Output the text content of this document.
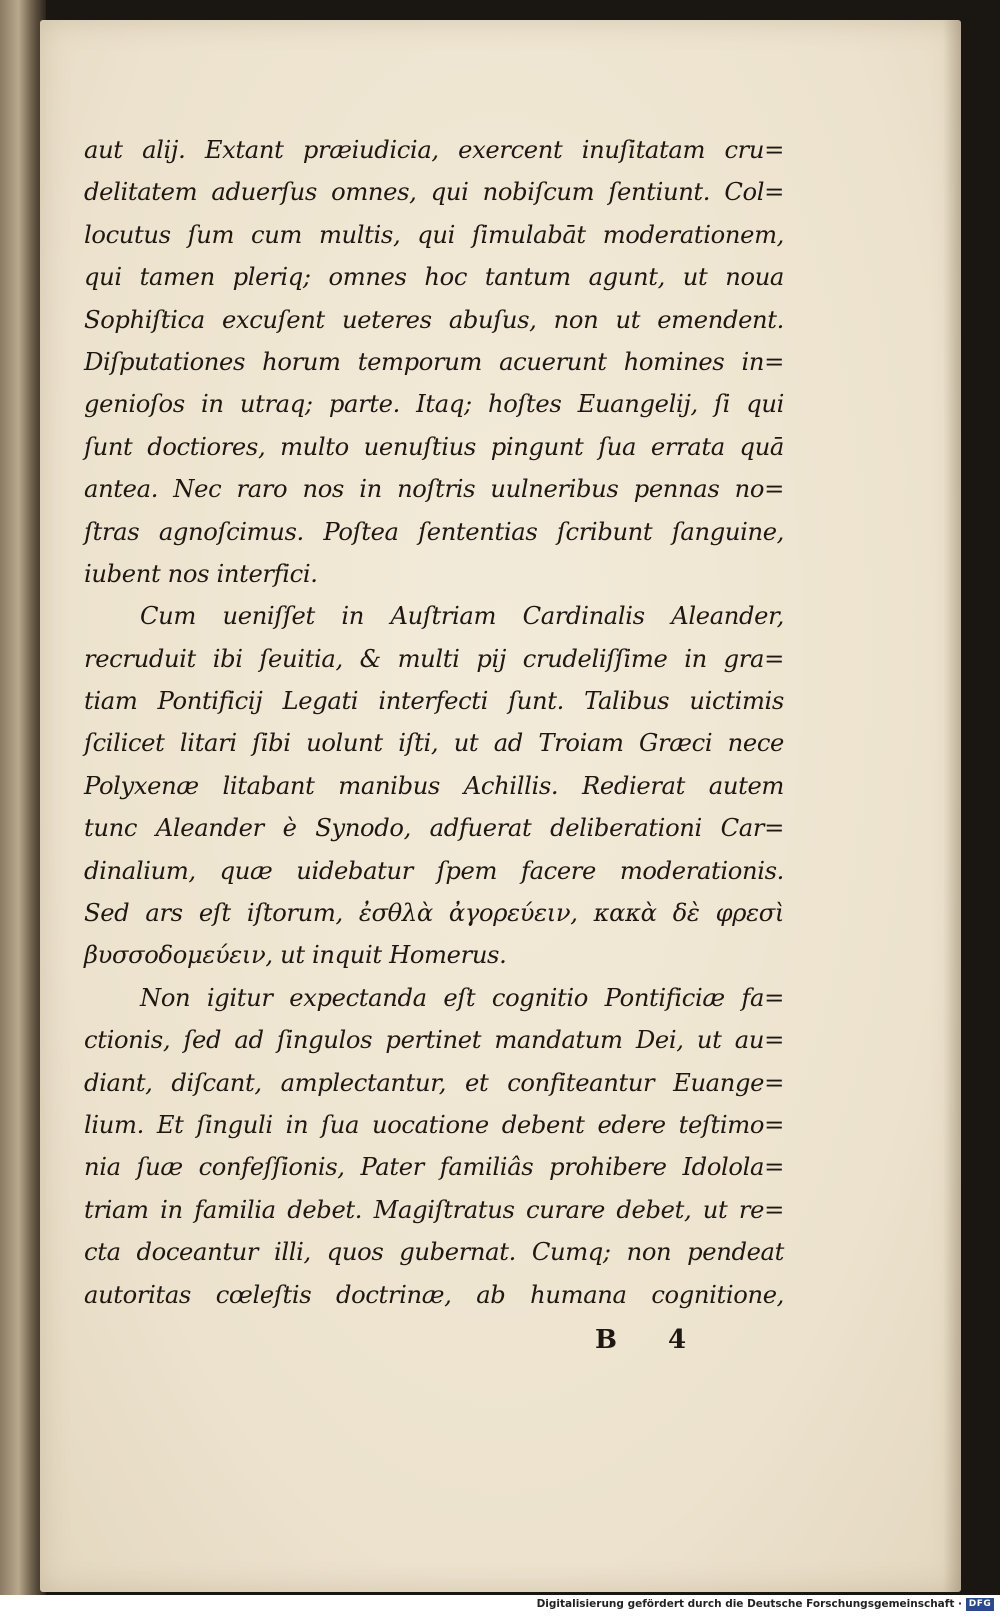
aut alij. Extant præiudicia, exercent inuſitatam cru=
delitatem aduerſus omnes, qui nobiſcum ſentiunt. Col=
locutus ſum cum multis, qui ſimulabāt moderationem,
qui tamen pleriq; omnes hoc tantum agunt, ut noua
Sophiſtica excuſent ueteres abuſus, non ut emendent.
Diſputationes horum temporum acuerunt homines in=
genioſos in utraq; parte. Itaq; hoſtes Euangelij, ſi qui
ſunt doctiores, multo uenuſtius pingunt ſua errata quā
antea. Nec raro nos in noſtris uulneribus pennas no=
ſtras agnoſcimus. Poſtea ſententias ſcribunt ſanguine,
iubent nos interfici.
Cum ueniſſet in Auſtriam Cardinalis Aleander,
recruduit ibi ſeuitia, & multi pij crudeliſſime in gra=
tiam Pontificij Legati interfecti ſunt. Talibus uictimis
ſcilicet litari ſibi uolunt iſti, ut ad Troiam Græci nece
Polyxenæ litabant manibus Achillis. Redierat autem
tunc Aleander è Synodo, adfuerat deliberationi Car=
dinalium, quæ uidebatur ſpem facere moderationis.
Sed ars eſt iſtorum, ἐσθλὰ ἀγορεύειν, κακὰ δὲ φρεσὶ
βυσσοδομεύειν, ut inquit Homerus.
Non igitur expectanda eſt cognitio Pontificiæ fa=
ctionis, ſed ad ſingulos pertinet mandatum Dei, ut au=
diant, diſcant, amplectantur, et confiteantur Euange=
lium. Et ſinguli in ſua uocatione debent edere teſtimo=
nia ſuæ confeſſionis, Pater familiâs prohibere Idolola=
triam in familia debet. Magiſtratus curare debet, ut re=
cta doceantur illi, quos gubernat. Cumq; non pendeat
autoritas cœleſtis doctrinæ, ab humana cognitione,
B 4
Digitalisierung gefördert durch die Deutsche Forschungsgemeinschaft · DFG
